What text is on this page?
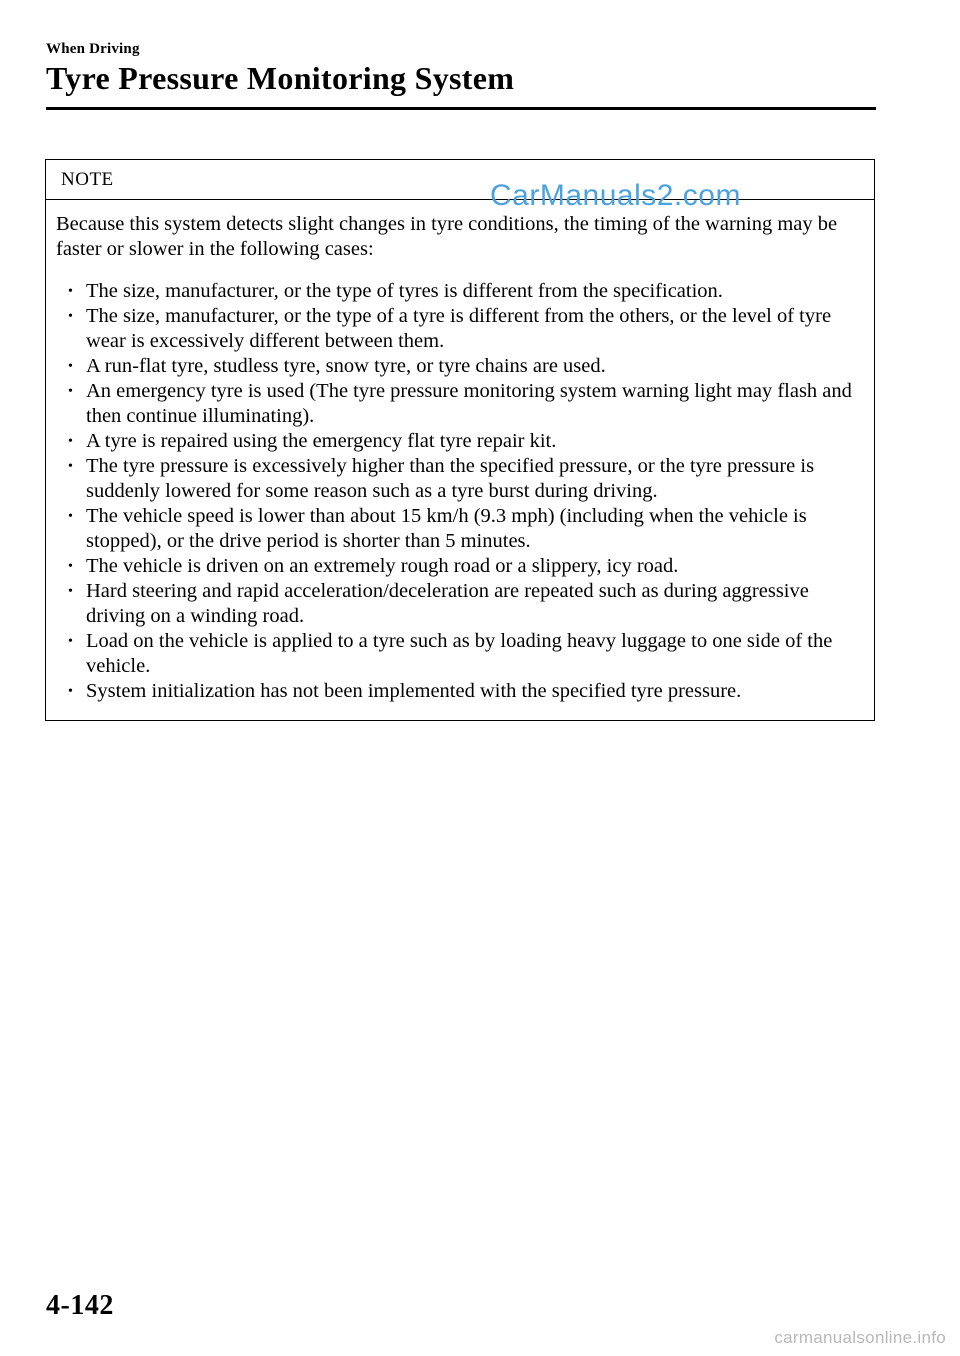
When Driving
Tyre Pressure Monitoring System
NOTE	CarManuals2.com

Because this system detects slight changes in tyre conditions, the timing of the warning may be faster or slower in the following cases:

• The size, manufacturer, or the type of tyres is different from the specification.
• The size, manufacturer, or the type of a tyre is different from the others, or the level of tyre wear is excessively different between them.
• A run-flat tyre, studless tyre, snow tyre, or tyre chains are used.
• An emergency tyre is used (The tyre pressure monitoring system warning light may flash and then continue illuminating).
• A tyre is repaired using the emergency flat tyre repair kit.
• The tyre pressure is excessively higher than the specified pressure, or the tyre pressure is suddenly lowered for some reason such as a tyre burst during driving.
• The vehicle speed is lower than about 15 km/h (9.3 mph) (including when the vehicle is stopped), or the drive period is shorter than 5 minutes.
• The vehicle is driven on an extremely rough road or a slippery, icy road.
• Hard steering and rapid acceleration/deceleration are repeated such as during aggressive driving on a winding road.
• Load on the vehicle is applied to a tyre such as by loading heavy luggage to one side of the vehicle.
• System initialization has not been implemented with the specified tyre pressure.
4-142
carmanualsonline.info
